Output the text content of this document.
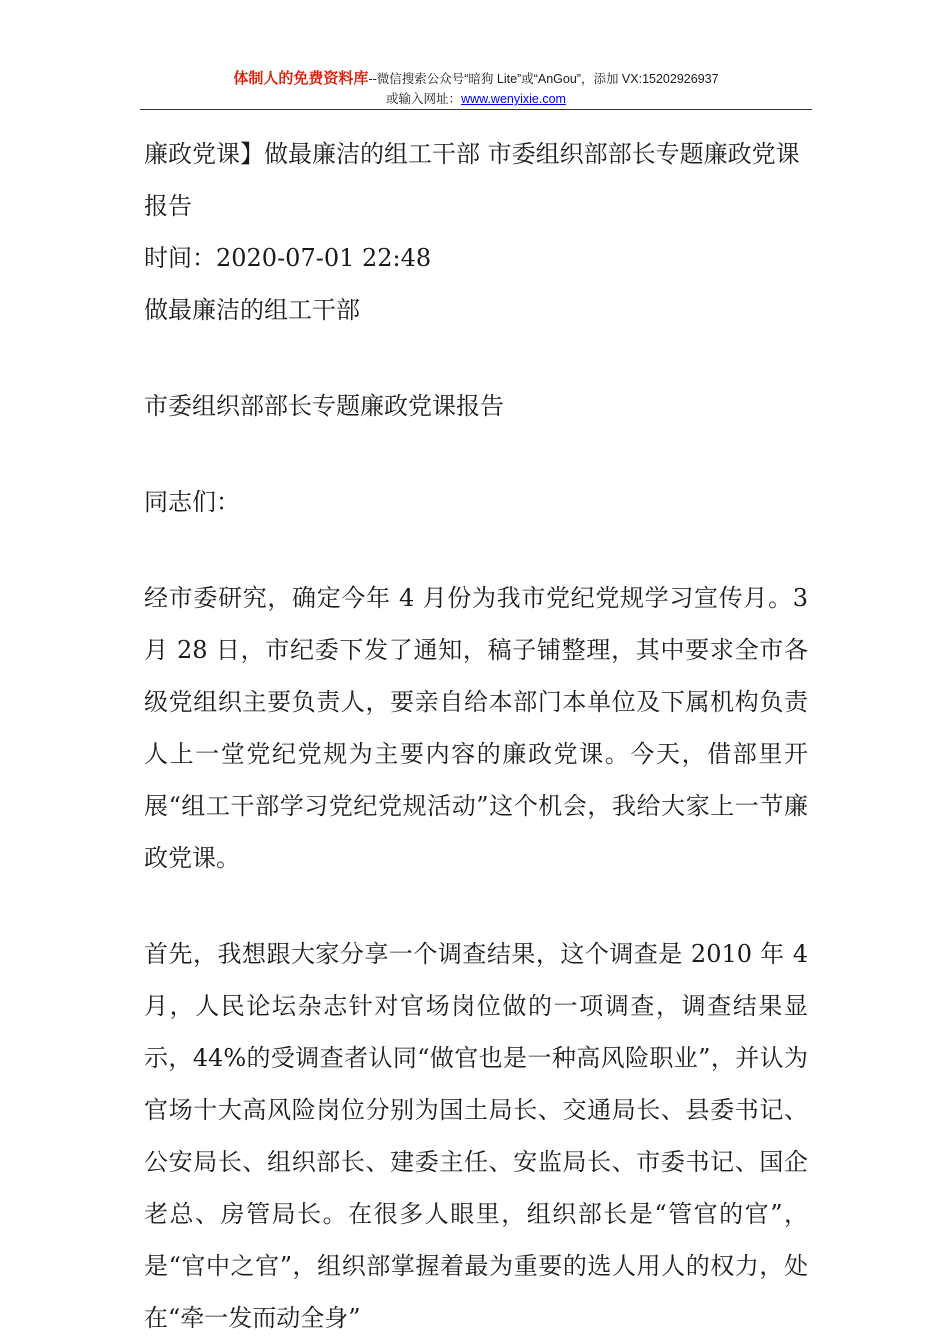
体制人的免费资料库--微信搜索公众号“暗狗 Lite”或“AnGou”，添加 VX:15202926937
或输入网址：www.wenyixie.com

廉政党课】做最廉洁的组工干部 市委组织部部长专题廉政党课报告

时间：2020-07-01 22:48

做最廉洁的组工干部

市委组织部部长专题廉政党课报告

同志们：

经市委研究，确定今年 4 月份为我市党纪党规学习宣传月。3 月 28 日，市纪委下发了通知，稿子铺整理，其中要求全市各级党组织主要负责人，要亲自给本部门本单位及下属机构负责人上一堂党纪党规为主要内容的廉政党课。今天，借部里开展“组工干部学习党纪党规活动”这个机会，我给大家上一节廉政党课。

首先，我想跟大家分享一个调查结果，这个调查是 2010 年 4 月，人民论坛杂志针对官场岗位做的一项调查，调查结果显示，44%的受调查者认同“做官也是一种高风险职业”，并认为官场十大高风险岗位分别为国土局长、交通局长、县委书记、公安局长、组织部长、建委主任、安监局长、市委书记、国企老总、房管局长。在很多人眼里，组织部长是“管官的官”，是“官中之官”，组织部掌握着最为重要的选人用人的权力，处在“牵一发而动全身”
